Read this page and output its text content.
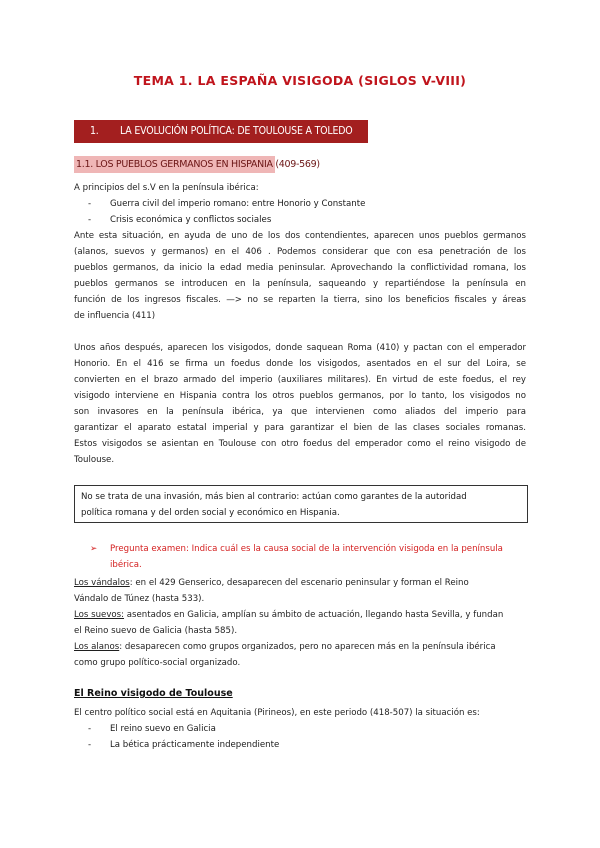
TEMA 1. LA ESPAÑA VISIGODA (SIGLOS V-VIII)
1. LA EVOLUCIÓN POLÍTICA: DE TOULOUSE A TOLEDO
1.1. LOS PUEBLOS GERMANOS EN HISPANIA (409-569)
A principios del s.V en la península ibérica:
- Guerra civil del imperio romano: entre Honorio y Constante
- Crisis económica y conflictos sociales
Ante esta situación, en ayuda de uno de los dos contendientes, aparecen unos pueblos germanos
(alanos, suevos y germanos) en el 406 . Podemos considerar que con esa penetración de los
pueblos germanos, da inicio la edad media peninsular. Aprovechando la conflictividad romana, los
pueblos germanos se introducen en la península, saqueando y repartiéndose la península en
función de los ingresos fiscales. —> no se reparten la tierra, sino los beneficios fiscales y áreas
de influencia (411)
Unos años después, aparecen los visigodos, donde saquean Roma (410) y pactan con el emperador
Honorio. En el 416 se firma un foedus donde los visigodos, asentados en el sur del Loira, se
convierten en el brazo armado del imperio (auxiliares militares). En virtud de este foedus, el rey
visigodo interviene en Hispania contra los otros pueblos germanos, por lo tanto, los visigodos no
son invasores en la península ibérica, ya que intervienen como aliados del imperio para
garantizar el aparato estatal imperial y para garantizar el bien de las clases sociales romanas.
Estos visigodos se asientan en Toulouse con otro foedus del emperador como el reino visigodo de
Toulouse.
No se trata de una invasión, más bien al contrario: actúan como garantes de la autoridad
política romana y del orden social y económico en Hispania.
➢ Pregunta examen: Indica cuál es la causa social de la intervención visigoda en la península
ibérica.
Los vándalos: en el 429 Genserico, desaparecen del escenario peninsular y forman el Reino
Vándalo de Túnez (hasta 533).
Los suevos: asentados en Galicia, amplían su ámbito de actuación, llegando hasta Sevilla, y fundan
el Reino suevo de Galicia (hasta 585).
Los alanos: desaparecen como grupos organizados, pero no aparecen más en la península ibérica
como grupo político-social organizado.
El Reino visigodo de Toulouse
El centro político social está en Aquitania (Pirineos), en este periodo (418-507) la situación es:
- El reino suevo en Galicia
- La bética prácticamente independiente
